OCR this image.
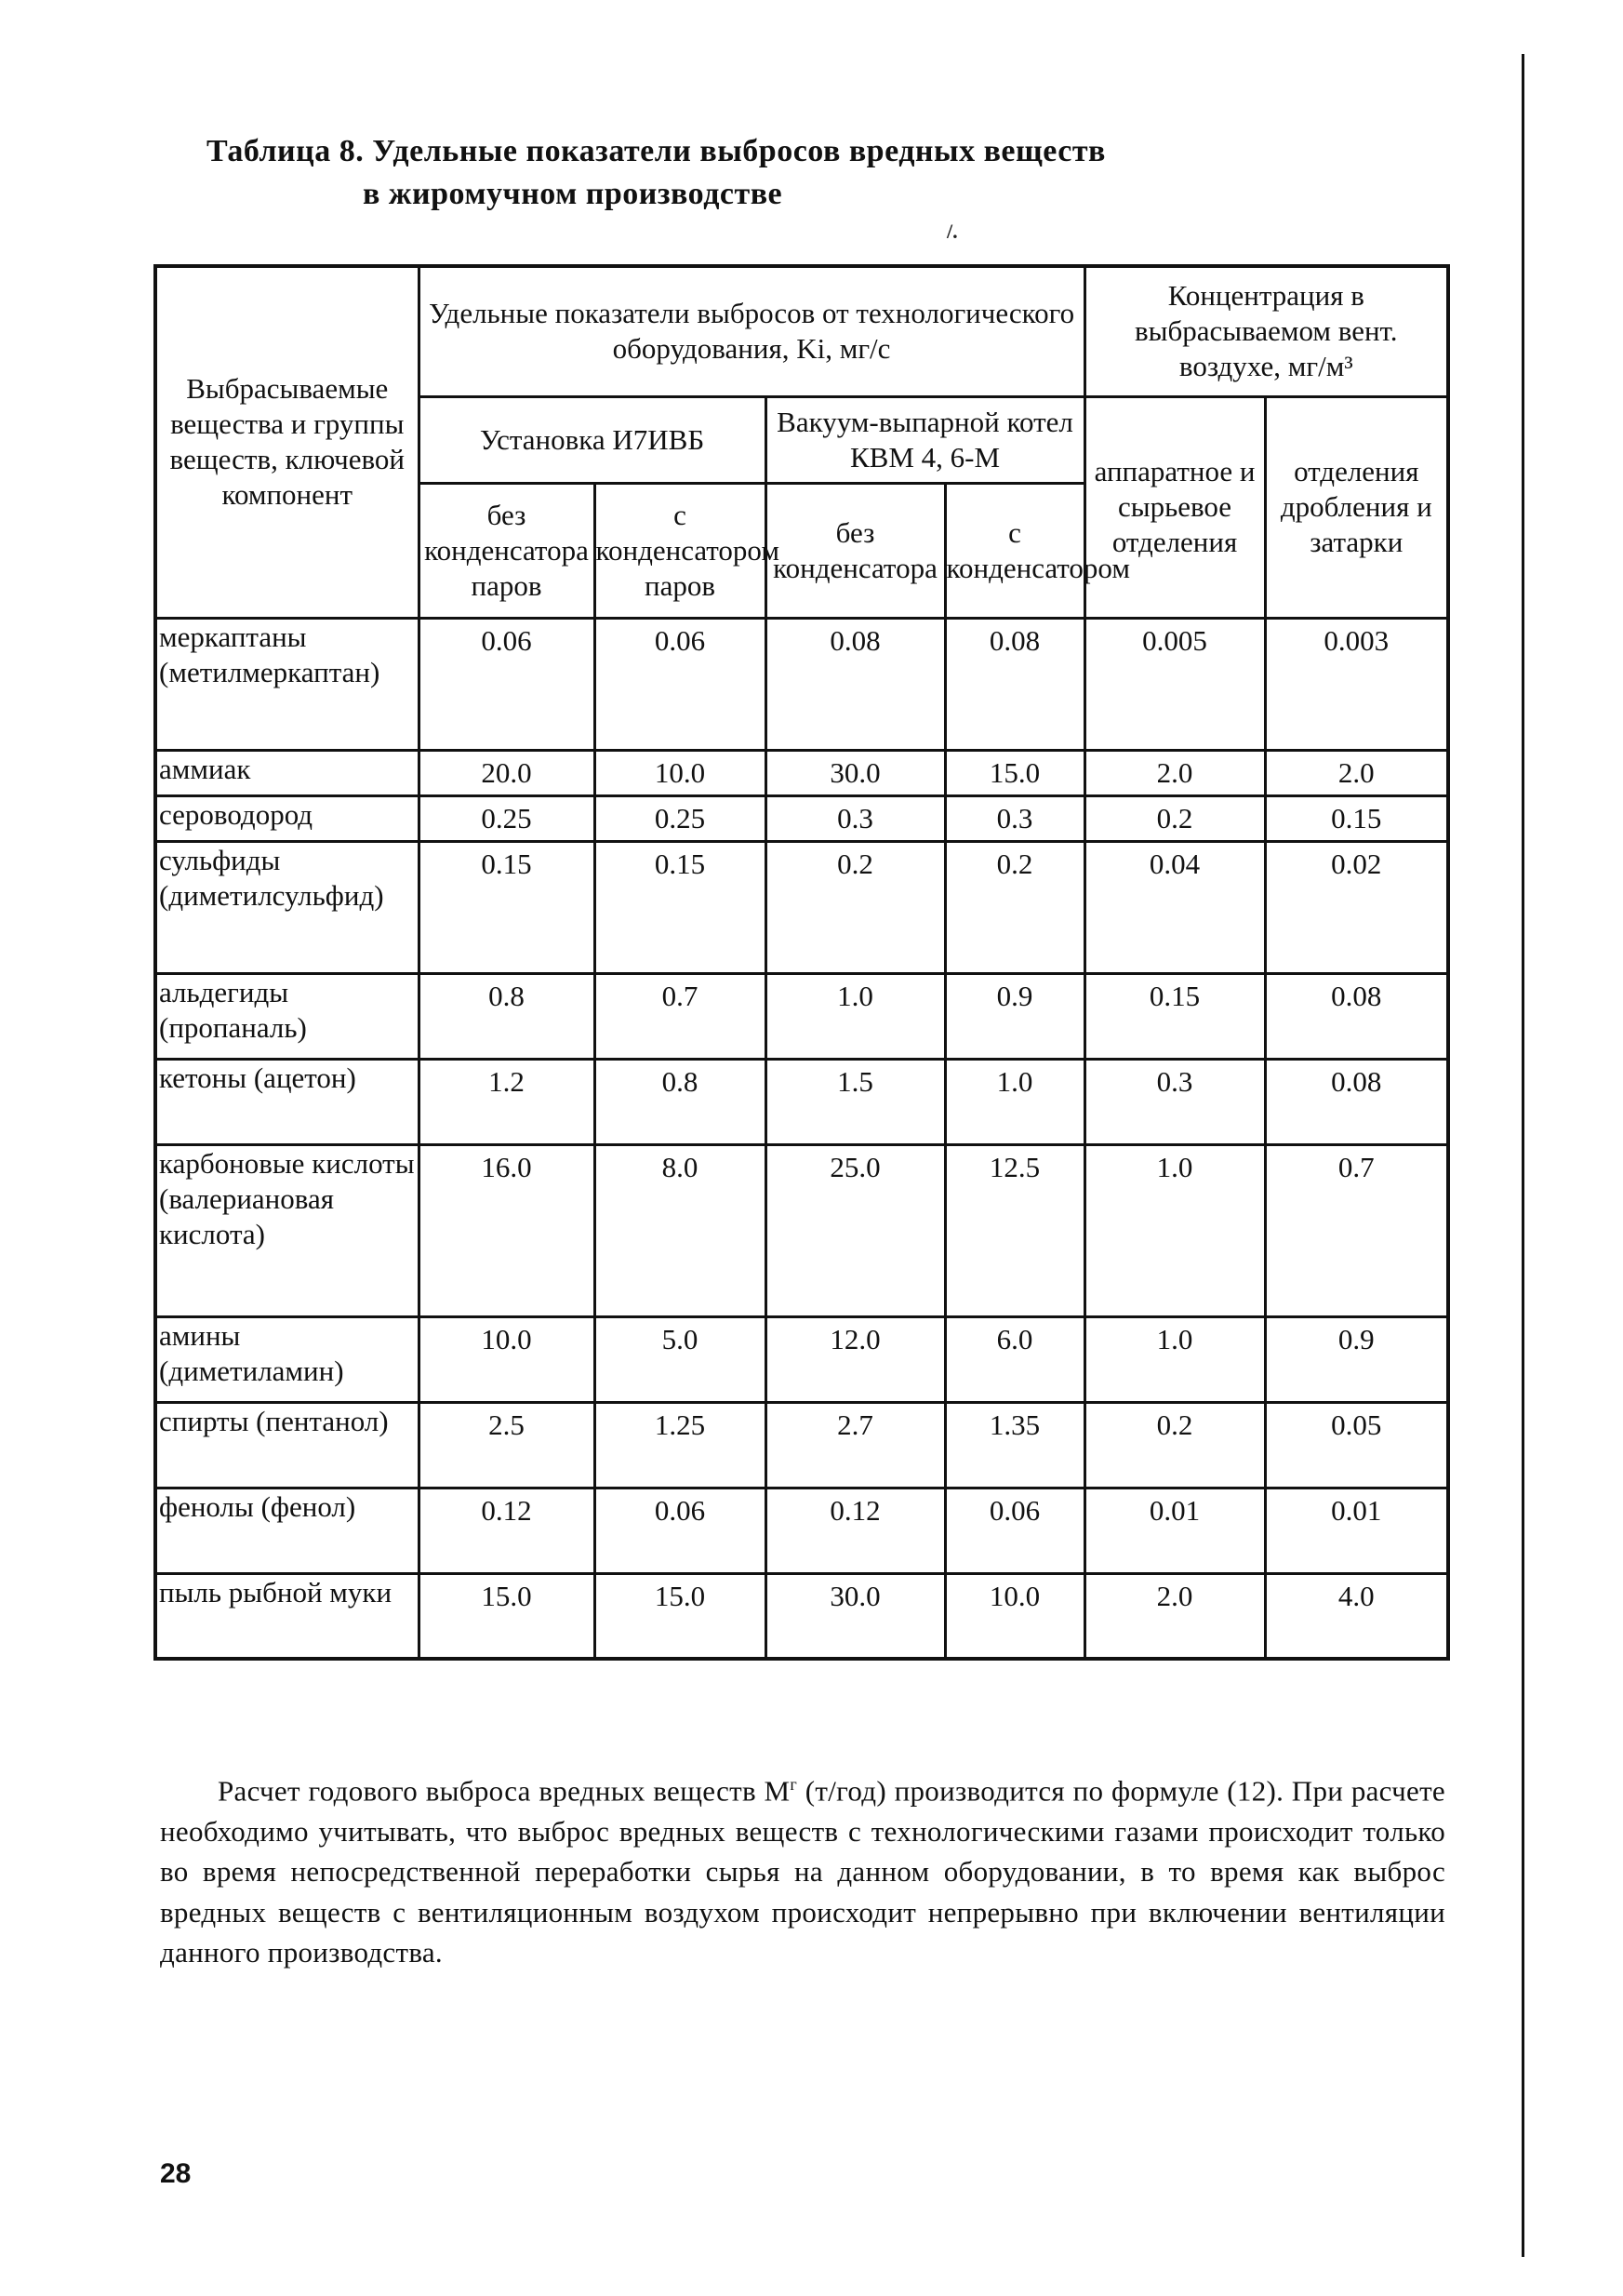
Таблица 8. Удельные показатели выбросов вредных веществ
в жиромучном производстве
/.
Выбрасываемые вещества и группы веществ, ключевой компонент	Удельные показатели выбросов от технологического оборудования, Ki, мг/с				Концентрация в выбрасываемом вент. воздухе, мг/м³	
	Установка И7ИВБ		Вакуум-выпарной котел КВМ 4, 6-М		аппаратное и сырьевое отделения	отделения дробления и затарки
	без конденсатора паров	с конденсатором паров	без конденсатора	с конденсатором		
меркаптаны (метилмеркаптан)	0.06	0.06	0.08	0.08	0.005	0.003
аммиак	20.0	10.0	30.0	15.0	2.0	2.0
сероводород	0.25	0.25	0.3	0.3	0.2	0.15
сульфиды (диметилсульфид)	0.15	0.15	0.2	0.2	0.04	0.02
альдегиды (пропаналь)	0.8	0.7	1.0	0.9	0.15	0.08
кетоны (ацетон)	1.2	0.8	1.5	1.0	0.3	0.08
карбоновые кислоты (валериановая кислота)	16.0	8.0	25.0	12.5	1.0	0.7
амины (диметиламин)	10.0	5.0	12.0	6.0	1.0	0.9
спирты (пентанол)	2.5	1.25	2.7	1.35	0.2	0.05
фенолы (фенол)	0.12	0.06	0.12	0.06	0.01	0.01
пыль рыбной муки	15.0	15.0	30.0	10.0	2.0	4.0

Расчет годового выброса вредных веществ $М^г$ (т/год) производится по формуле (12). При расчете необходимо учитывать, что выброс вредных веществ с технологическими газами происходит только во время непосредственной переработки сырья на данном оборудовании, в то время как выброс вредных веществ с вентиляционным воздухом происходит непрерывно при включении вентиляции данного производства.

28
